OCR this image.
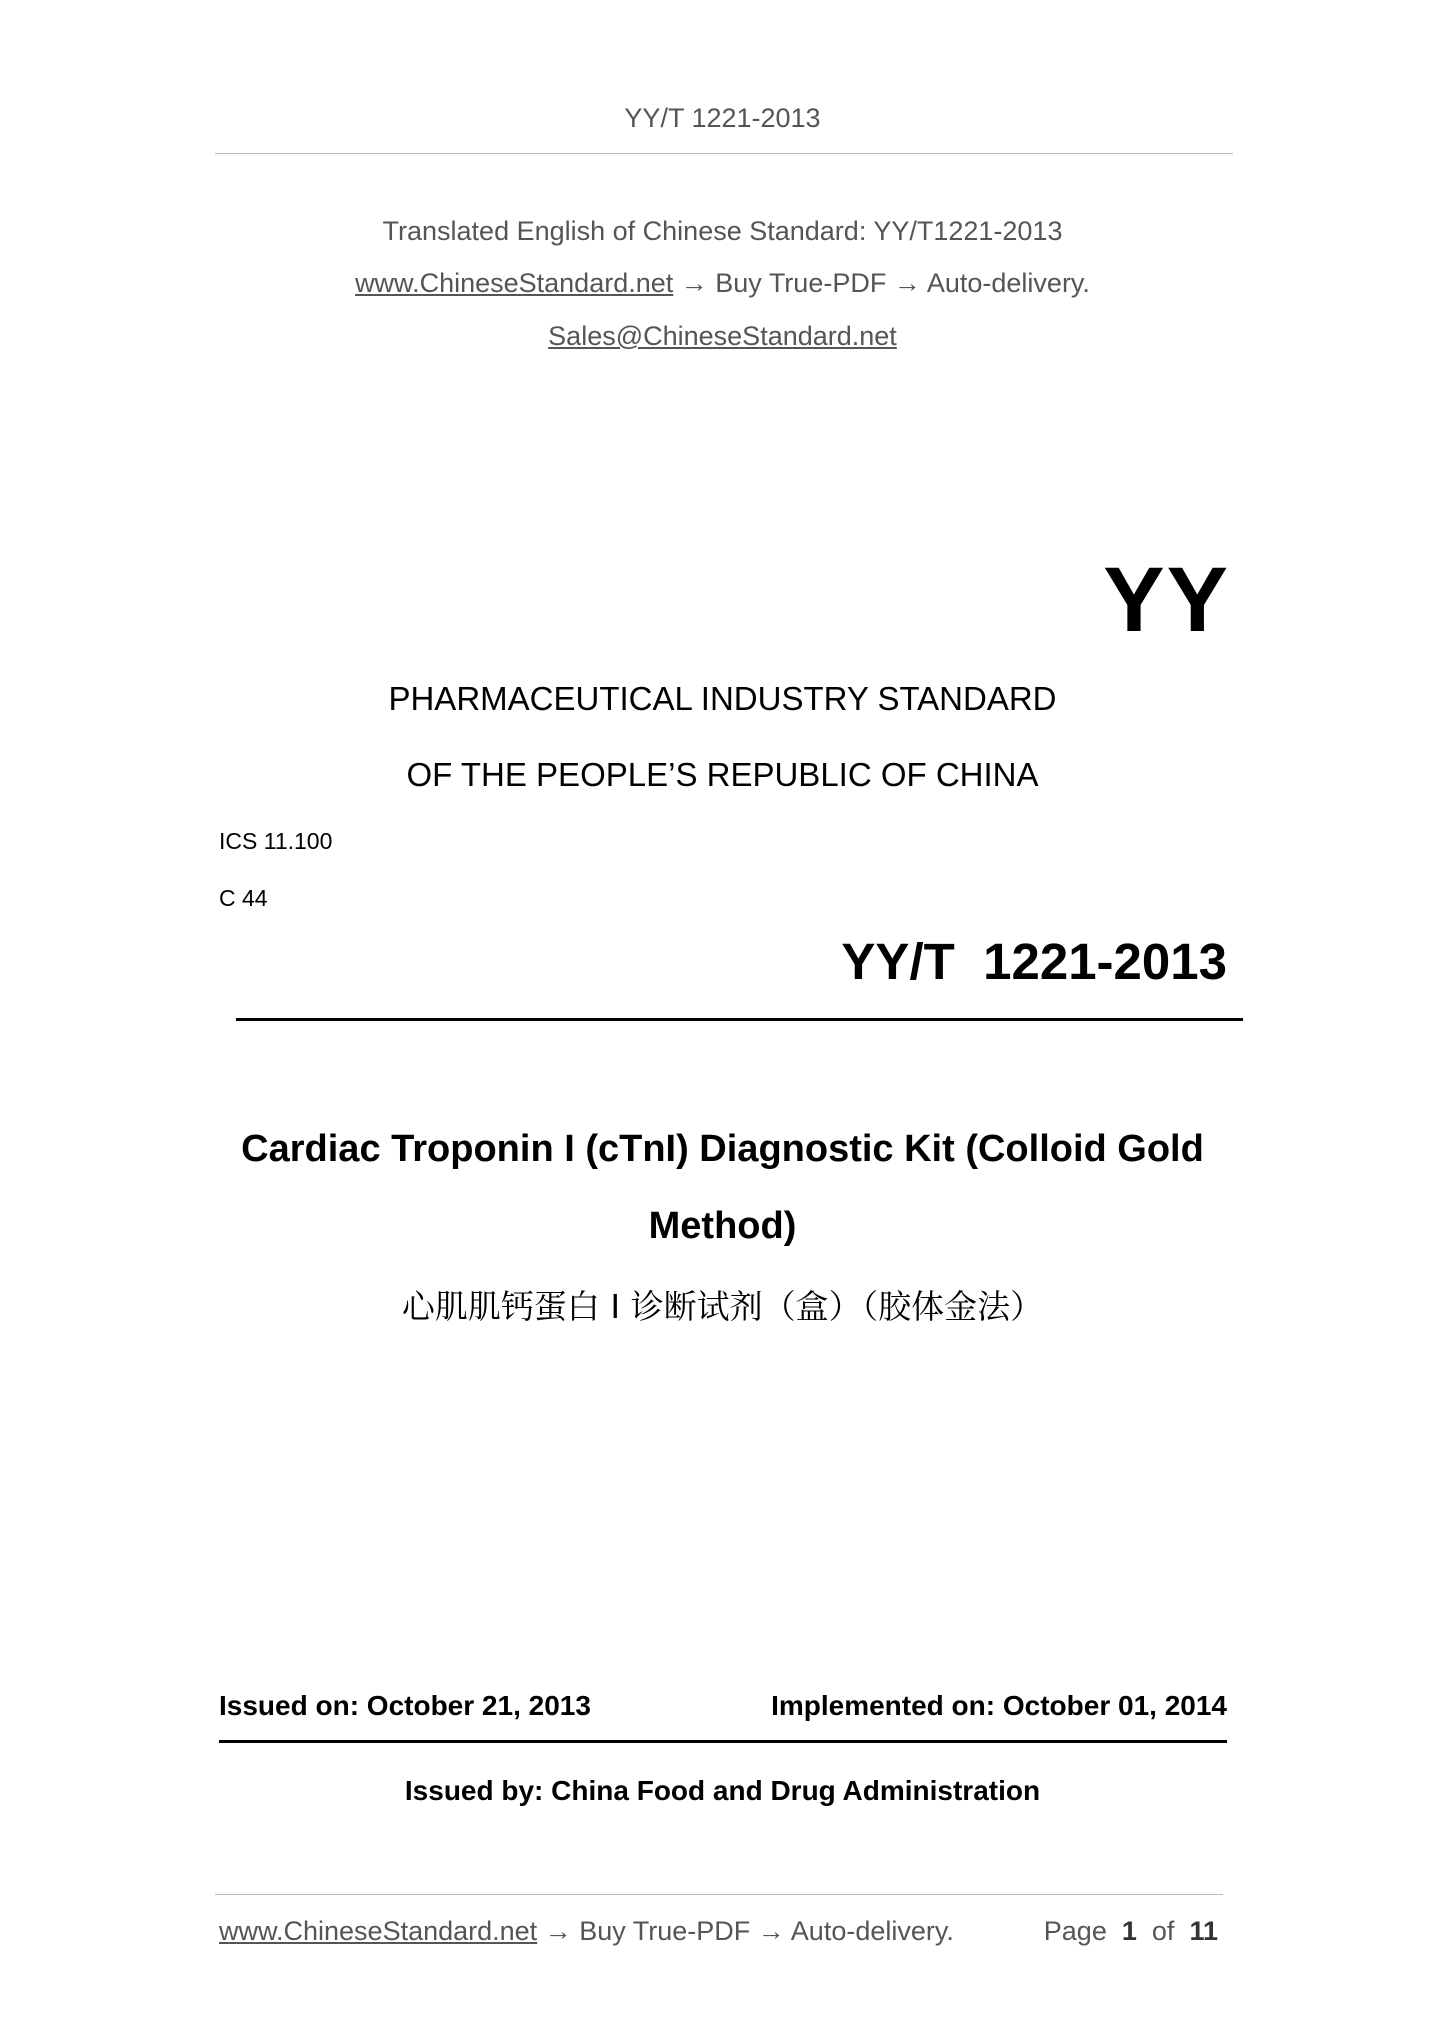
YY/T 1221-2013
Translated English of Chinese Standard: YY/T1221-2013
www.ChineseStandard.net → Buy True-PDF → Auto-delivery.
Sales@ChineseStandard.net
YY
PHARMACEUTICAL INDUSTRY STANDARD
OF THE PEOPLE’S REPUBLIC OF CHINA
ICS 11.100
C 44
YY/T  1221-2013
Cardiac Troponin I (cTnI) Diagnostic Kit (Colloid Gold
Method)
心肌肌钙蛋白 I 诊断试剂（盒）（胶体金法）
Issued on: October 21, 2013	Implemented on: October 01, 2014
Issued by: China Food and Drug Administration
www.ChineseStandard.net → Buy True-PDF → Auto-delivery.	Page 1 of 11
